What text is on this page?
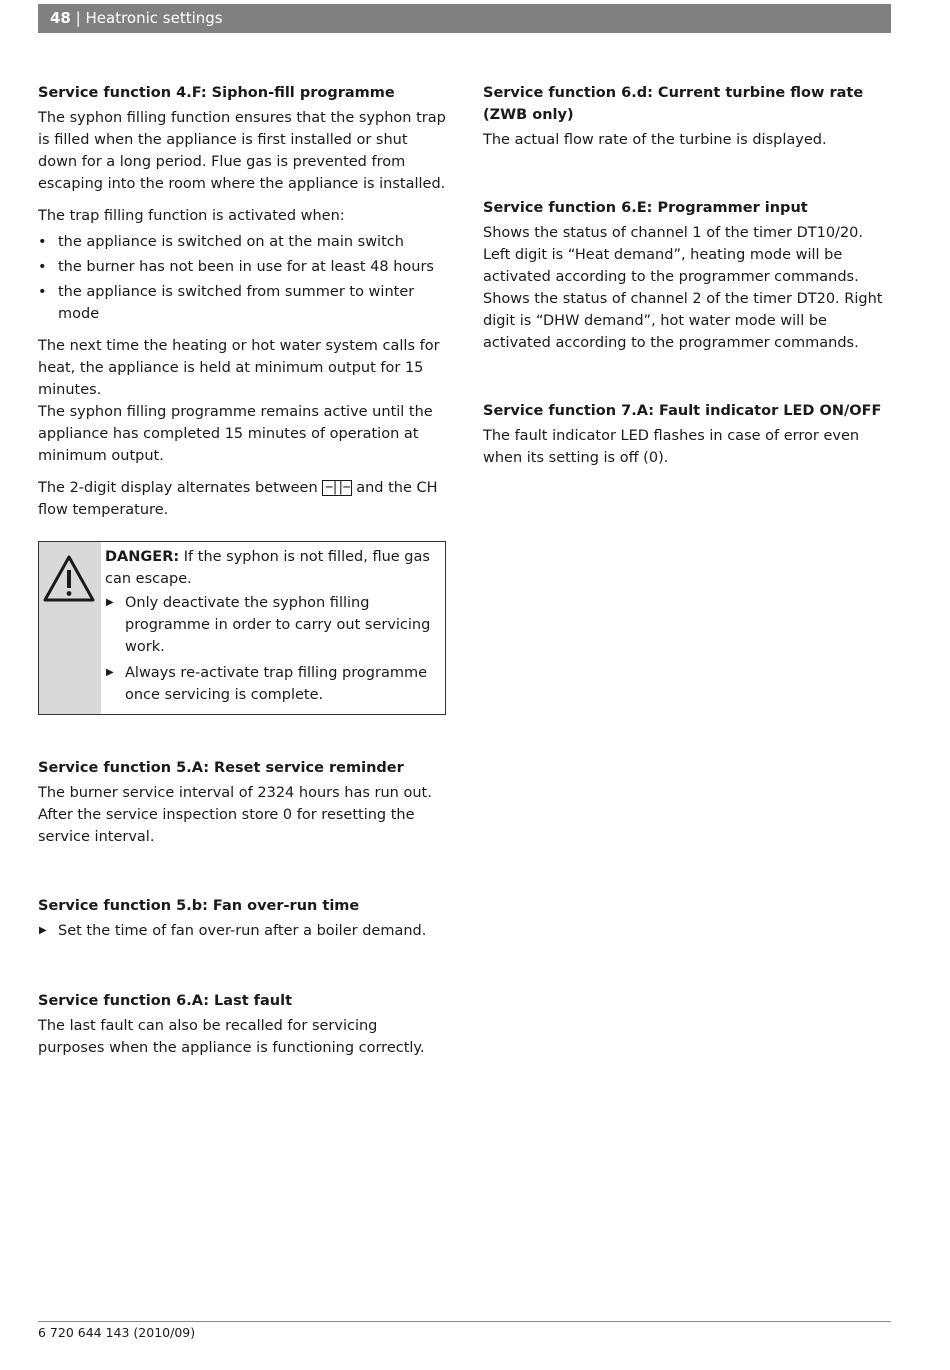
48 | Heatronic settings
Service function 4.F: Siphon-fill programme
The syphon filling function ensures that the syphon trap is filled when the appliance is first installed or shut down for a long period. Flue gas is prevented from escaping into the room where the appliance is installed.
The trap filling function is activated when:
• the appliance is switched on at the main switch
• the burner has not been in use for at least 48 hours
• the appliance is switched from summer to winter mode
The next time the heating or hot water system calls for heat, the appliance is held at minimum output for 15 minutes.
The syphon filling programme remains active until the appliance has completed 15 minutes of operation at minimum output.
The 2-digit display alternates between −||− and the CH flow temperature.
DANGER: If the syphon is not filled, flue gas can escape.
▶ Only deactivate the syphon filling programme in order to carry out servicing work.
▶ Always re-activate trap filling programme once servicing is complete.
Service function 5.A: Reset service reminder
The burner service interval of 2324 hours has run out. After the service inspection store 0 for resetting the service interval.
Service function 5.b: Fan over-run time
▶ Set the time of fan over-run after a boiler demand.
Service function 6.A: Last fault
The last fault can also be recalled for servicing purposes when the appliance is functioning correctly.
Service function 6.d: Current turbine flow rate (ZWB only)
The actual flow rate of the turbine is displayed.
Service function 6.E: Programmer input
Shows the status of channel 1 of the timer DT10/20. Left digit is “Heat demand”, heating mode will be activated according to the programmer commands. Shows the status of channel 2 of the timer DT20. Right digit is “DHW demand”, hot water mode will be activated according to the programmer commands.
Service function 7.A: Fault indicator LED ON/OFF
The fault indicator LED flashes in case of error even when its setting is off (0).
6 720 644 143 (2010/09)
